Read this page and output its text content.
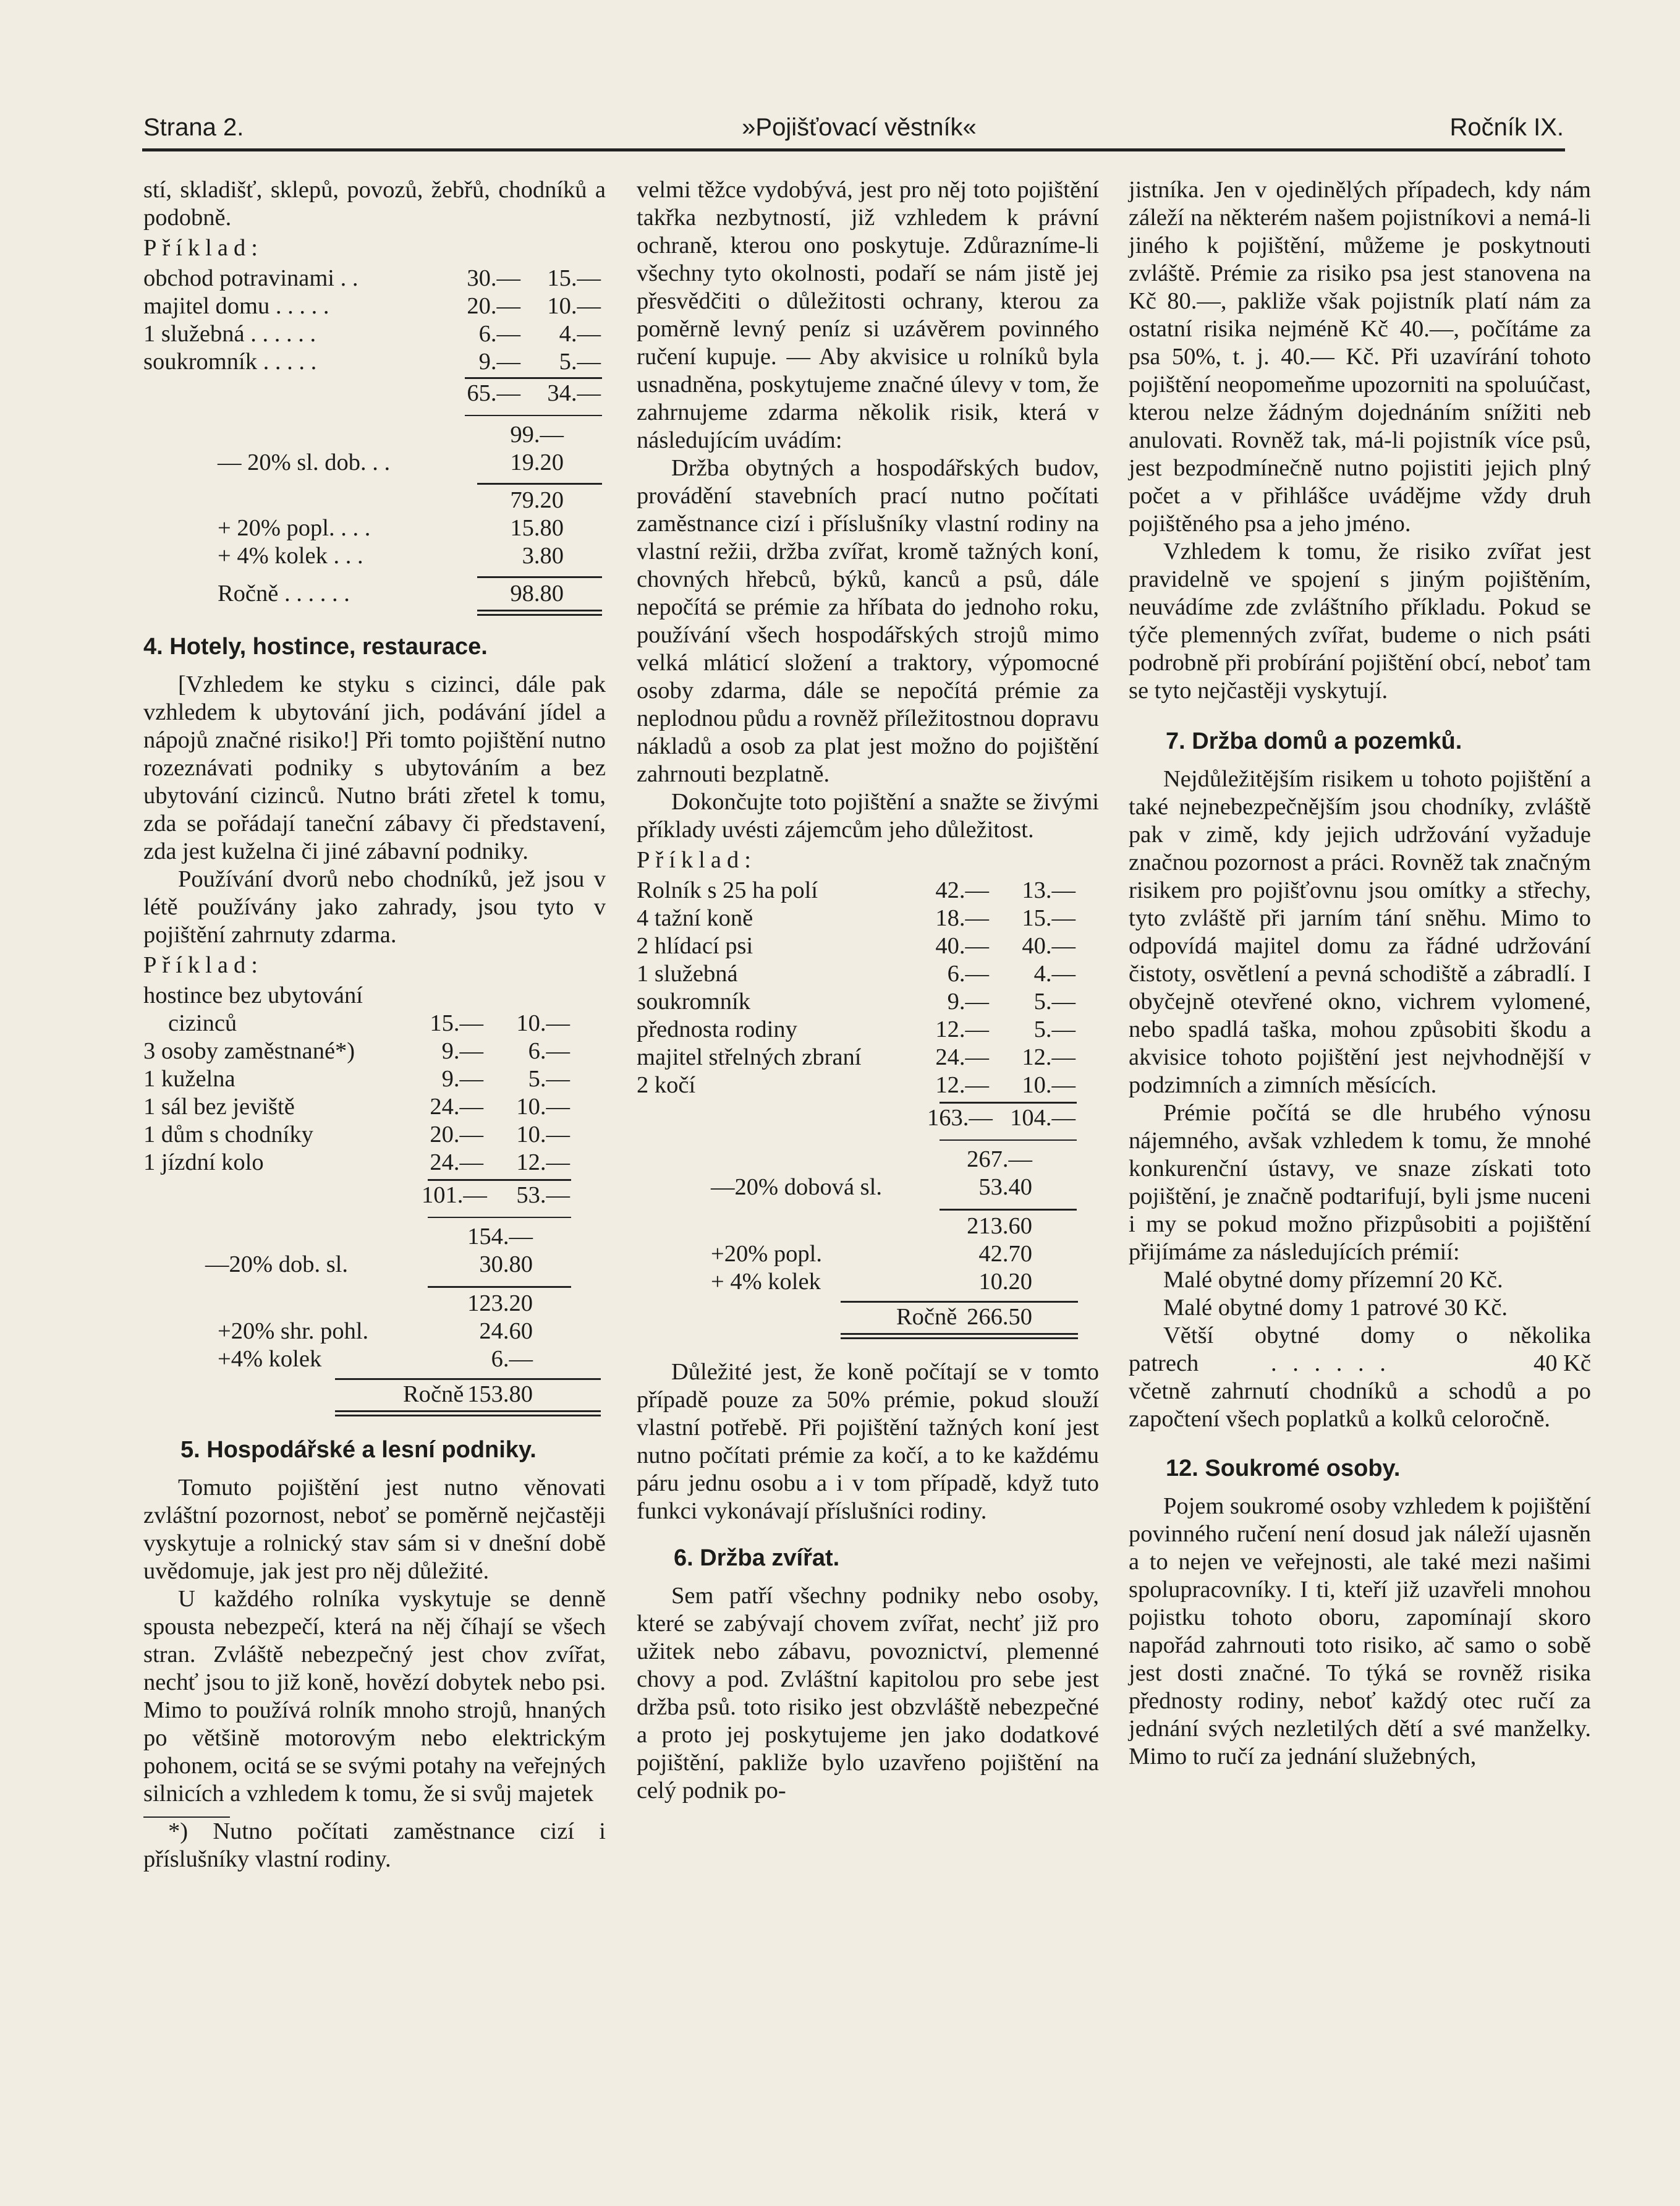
Strana 2.	»Pojišťovací věstník«	Ročník IX.

stí, skladišť, sklepů, povozů, žebřů, chodníků a podobně.

Příklad:
obchod potravinami . .	30.—	15.—
majitel domu . . . . .	20.—	10.—
1 služebná . . . . . .	6.—	4.—
soukromník . . . . .	9.—	5.—
65.—	34.—
99.—
— 20% sl. dob. . .	19.20
79.20
+ 20% popl. . . .	15.80
+ 4% kolek . . .	3.80
Ročně . . . . . .	98.80
4. Hotely, hostince, restaurace.

[Vzhledem ke styku s cizinci, dále pak vzhledem k ubytování jich, podávání jídel a nápojů značné risiko!] Při tomto pojištění nutno rozeznávati podniky s ubytováním a bez ubytování cizinců. Nutno bráti zřetel k tomu, zda se pořádají taneční zábavy či představení, zda jest kuželna či jiné zábavní podniky.

Používání dvorů nebo chodníků, jež jsou v létě používány jako zahrady, jsou tyto v pojištění zahrnuty zdarma.

Příklad:
hostince bez ubytování
cizinců	15.—	10.—
3 osoby zaměstnané*)	9.—	6.—
1 kuželna	9.—	5.—
1 sál bez jeviště	24.—	10.—
1 dům s chodníky	20.—	10.—
1 jízdní kolo	24.—	12.—
101.—	53.—
154.—
—20% dob. sl.	30.80
123.20
+20% shr. pohl.	24.60
+4% kolek	6.—
Ročně 153.80
5. Hospodářské a lesní podniky.

Tomuto pojištění jest nutno věnovati zvláštní pozornost, neboť se poměrně nejčastěji vyskytuje a rolnický stav sám si v dnešní době uvědomuje, jak jest pro něj důležité.

U každého rolníka vyskytuje se denně spousta nebezpečí, která na něj číhají se všech stran. Zvláště nebezpečný jest chov zvířat, nechť jsou to již koně, hovězí dobytek nebo psi. Mimo to používá rolník mnoho strojů, hnaných po většině motorovým nebo elektrickým pohonem, ocitá se se svými potahy na veřejných silnicích a vzhledem k tomu, že si svůj majetek

*) Nutno počítati zaměstnance cizí i příslušníky vlastní rodiny.

velmi těžce vydobývá, jest pro něj toto pojištění takřka nezbytností, již vzhledem k právní ochraně, kterou ono poskytuje. Zdůrazníme-li všechny tyto okolnosti, podaří se nám jistě jej přesvědčiti o důležitosti ochrany, kterou za poměrně levný peníz si uzávěrem povinného ručení kupuje. — Aby akvisice u rolníků byla usnadněna, poskytujeme značné úlevy v tom, že zahrnujeme zdarma několik risik, která v následujícím uvádím:

Držba obytných a hospodářských budov, provádění stavebních prací nutno počítati zaměstnance cizí i příslušníky vlastní rodiny na vlastní režii, držba zvířat, kromě tažných koní, chovných hřebců, býků, kanců a psů, dále nepočítá se prémie za hříbata do jednoho roku, používání všech hospodářských strojů mimo velká mláticí složení a traktory, výpomocné osoby zdarma, dále se nepočítá prémie za neplodnou půdu a rovněž příležitostnou dopravu nákladů a osob za plat jest možno do pojištění zahrnouti bezplatně.

Dokončujte toto pojištění a snažte se živými příklady uvésti zájemcům jeho důležitost.

Příklad:
Rolník s 25 ha polí	42.—	13.—
4 tažní koně	18.—	15.—
2 hlídací psi	40.—	40.—
1 služebná	6.—	4.—
soukromník	9.—	5.—
přednosta rodiny	12.—	5.—
majitel střelných zbraní	24.—	12.—
2 kočí	12.—	10.—
163.— 104.—
267.—
—20% dobová sl.	53.40
213.60
+20% popl.	42.70
+ 4% kolek	10.20
Ročně 266.50

Důležité jest, že koně počítají se v tomto případě pouze za 50% prémie, pokud slouží vlastní potřebě. Při pojištění tažných koní jest nutno počítati prémie za kočí, a to ke každému páru jednu osobu a i v tom případě, když tuto funkci vykonávají příslušníci rodiny.

6. Držba zvířat.

Sem patří všechny podniky nebo osoby, které se zabývají chovem zvířat, nechť již pro užitek nebo zábavu, povoznictví, plemenné chovy a pod. Zvláštní kapitolou pro sebe jest držba psů. toto risiko jest obzvláště nebezpečné a proto jej poskytujeme jen jako dodatkové pojištění, pakliže bylo uzavřeno pojištění na celý podnik po-

jistníka. Jen v ojedinělých případech, kdy nám záleží na některém našem pojistníkovi a nemá-li jiného k pojištění, můžeme je poskytnouti zvláště. Prémie za risiko psa jest stanovena na Kč 80.—, pakliže však pojistník platí nám za ostatní risika nejméně Kč 40.—, počítáme za psa 50%, t. j. 40.— Kč. Při uzavírání tohoto pojištění neopomeňme upozorniti na spoluúčast, kterou nelze žádným dojednáním snížiti neb anulovati. Rovněž tak, má-li pojistník více psů, jest bezpodmínečně nutno pojistiti jejich plný počet a v přihlášce uvádějme vždy druh pojištěného psa a jeho jméno.

Vzhledem k tomu, že risiko zvířat jest pravidelně ve spojení s jiným pojištěním, neuvádíme zde zvláštního příkladu. Pokud se týče plemenných zvířat, budeme o nich psáti podrobně při probírání pojištění obcí, neboť tam se tyto nejčastěji vyskytují.

7. Držba domů a pozemků.

Nejdůležitějším risikem u tohoto pojištění a také nejnebezpečnějším jsou chodníky, zvláště pak v zimě, kdy jejich udržování vyžaduje značnou pozornost a práci. Rovněž tak značným risikem pro pojišťovnu jsou omítky a střechy, tyto zvláště při jarním tání sněhu. Mimo to odpovídá majitel domu za řádné udržování čistoty, osvětlení a pevná schodiště a zábradlí. I obyčejně otevřené okno, vichrem vylomené, nebo spadlá taška, mohou způsobiti škodu a akvisice tohoto pojištění jest nejvhodnější v podzimních a zimních měsících.

Prémie počítá se dle hrubého výnosu nájemného, avšak vzhledem k tomu, že mnohé konkurenční ústavy, ve snaze získati toto pojištění, je značně podtarifují, byli jsme nuceni i my se pokud možno přizpůsobiti a pojištění přijímáme za následujících prémií:

Malé obytné domy přízemní 20 Kč.

Malé obytné domy 1 patrové 30 Kč.

Větší obytné domy o několika

patrech	. . . . . .	40 Kč

včetně zahrnutí chodníků a schodů a po započtení všech poplatků a kolků celoročně.

12. Soukromé osoby.

Pojem soukromé osoby vzhledem k pojištění povinného ručení není dosud jak náleží ujasněn a to nejen ve veřejnosti, ale také mezi našimi spolupracovníky. I ti, kteří již uzavřeli mnohou pojistku tohoto oboru, zapomínají skoro napořád zahrnouti toto risiko, ač samo o sobě jest dosti značné. To týká se rovněž risika přednosty rodiny, neboť každý otec ručí za jednání svých nezletilých dětí a své manželky. Mimo to ručí za jednání služebných,
